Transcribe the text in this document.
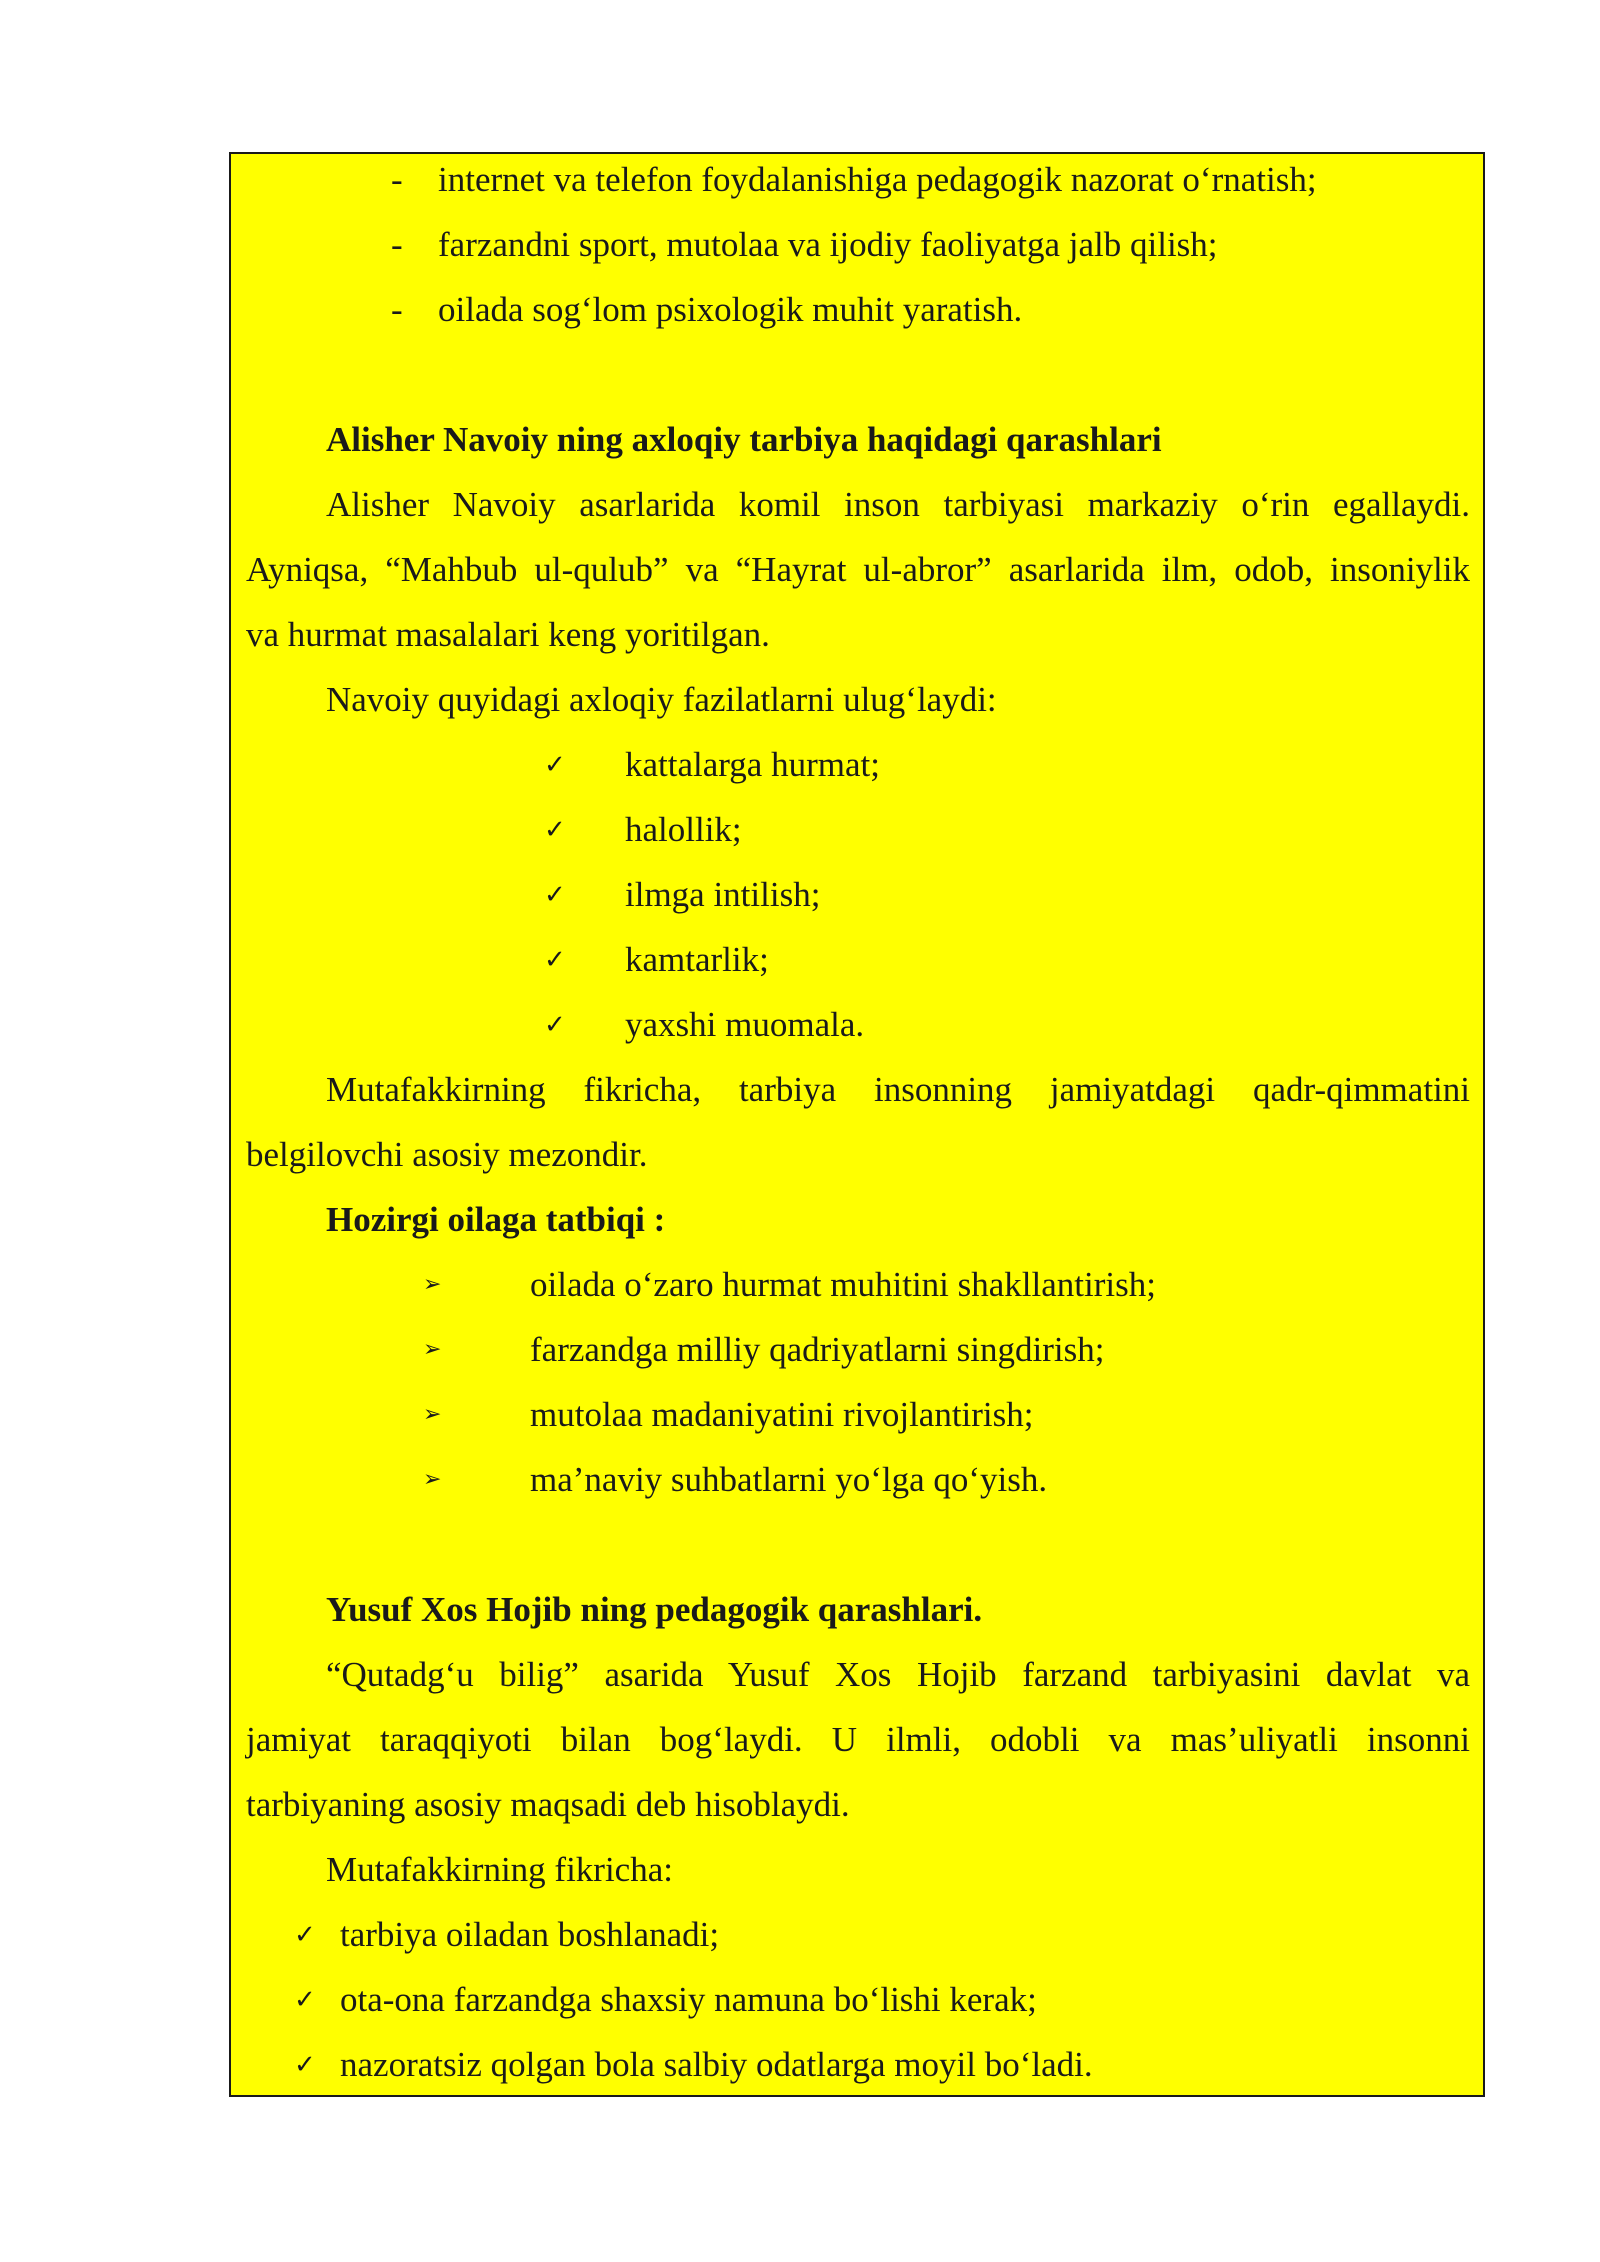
- internet va telefon foydalanishiga pedagogik nazorat o‘rnatish;
- farzandni sport, mutolaa va ijodiy faoliyatga jalb qilish;
- oilada sog‘lom psixologik muhit yaratish.
Alisher Navoiy ning axloqiy tarbiya haqidagi qarashlari
Alisher Navoiy asarlarida komil inson tarbiyasi markaziy o‘rin egallaydi.
Ayniqsa, “Mahbub ul-qulub” va “Hayrat ul-abror” asarlarida ilm, odob, insoniylik
va hurmat masalalari keng yoritilgan.
Navoiy quyidagi axloqiy fazilatlarni ulug‘laydi:
✓ kattalarga hurmat;
✓ halollik;
✓ ilmga intilish;
✓ kamtarlik;
✓ yaxshi muomala.
Mutafakkirning fikricha, tarbiya insonning jamiyatdagi qadr-qimmatini
belgilovchi asosiy mezondir.
Hozirgi oilaga tatbiqi :
➢	oilada o‘zaro hurmat muhitini shakllantirish;
➢	farzandga milliy qadriyatlarni singdirish;
➢	mutolaa madaniyatini rivojlantirish;
➢	ma’naviy suhbatlarni yo‘lga qo‘yish.
Yusuf Xos Hojib ning pedagogik qarashlari.
“Qutadg‘u bilig” asarida Yusuf Xos Hojib farzand tarbiyasini davlat va
jamiyat taraqqiyoti bilan bog‘laydi. U ilmli, odobli va mas’uliyatli insonni
tarbiyaning asosiy maqsadi deb hisoblaydi.
Mutafakkirning fikricha:
✓ tarbiya oiladan boshlanadi;
✓ ota-ona farzandga shaxsiy namuna bo‘lishi kerak;
✓ nazoratsiz qolgan bola salbiy odatlarga moyil bo‘ladi.
